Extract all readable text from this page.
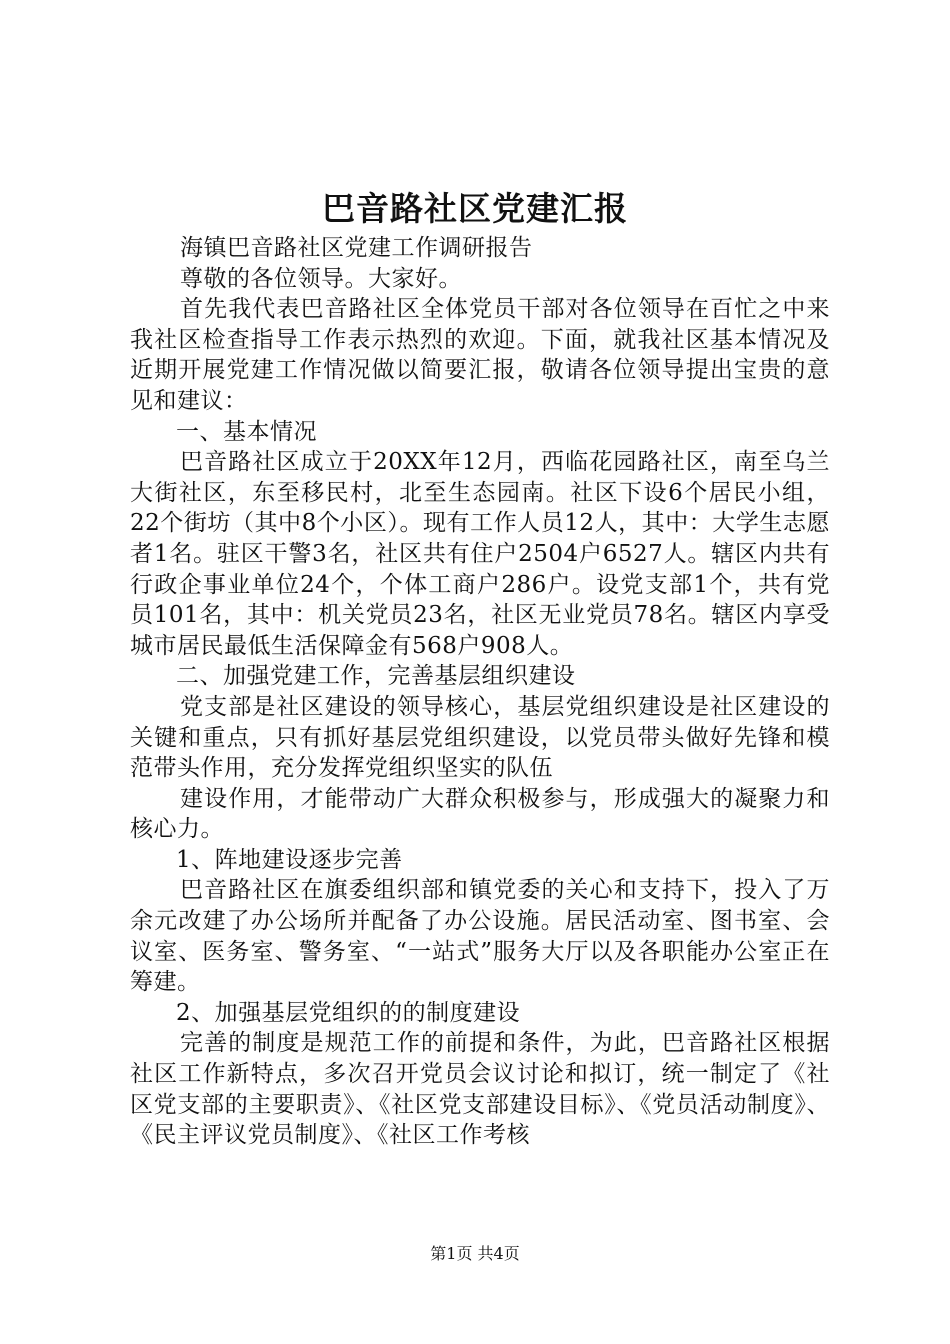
巴音路社区党建汇报

海镇巴音路社区党建工作调研报告

尊敬的各位领导。大家好。

首先我代表巴音路社区全体党员干部对各位领导在百忙之中来我社区检查指导工作表示热烈的欢迎。下面，就我社区基本情况及近期开展党建工作情况做以简要汇报，敬请各位领导提出宝贵的意见和建议：

一、基本情况

巴音路社区成立于20XX年12月，西临花园路社区，南至乌兰大街社区，东至移民村，北至生态园南。社区下设6个居民小组，22个街坊（其中8个小区）。现有工作人员12人，其中：大学生志愿者1名。驻区干警3名，社区共有住户2504户6527人。辖区内共有行政企事业单位24个，个体工商户286户。设党支部1个，共有党员101名，其中：机关党员23名，社区无业党员78名。辖区内享受城市居民最低生活保障金有568户908人。

二、加强党建工作，完善基层组织建设

党支部是社区建设的领导核心，基层党组织建设是社区建设的关键和重点，只有抓好基层党组织建设，以党员带头做好先锋和模范带头作用，充分发挥党组织坚实的队伍

建设作用，才能带动广大群众积极参与，形成强大的凝聚力和核心力。

1、阵地建设逐步完善

巴音路社区在旗委组织部和镇党委的关心和支持下，投入了万余元改建了办公场所并配备了办公设施。居民活动室、图书室、会议室、医务室、警务室、“一站式”服务大厅以及各职能办公室正在筹建。

2、加强基层党组织的的制度建设

完善的制度是规范工作的前提和条件，为此，巴音路社区根据社区工作新特点，多次召开党员会议讨论和拟订，统一制定了《社区党支部的主要职责》、《社区党支部建设目标》、《党员活动制度》、《民主评议党员制度》、《社区工作考核

第1页 共4页
